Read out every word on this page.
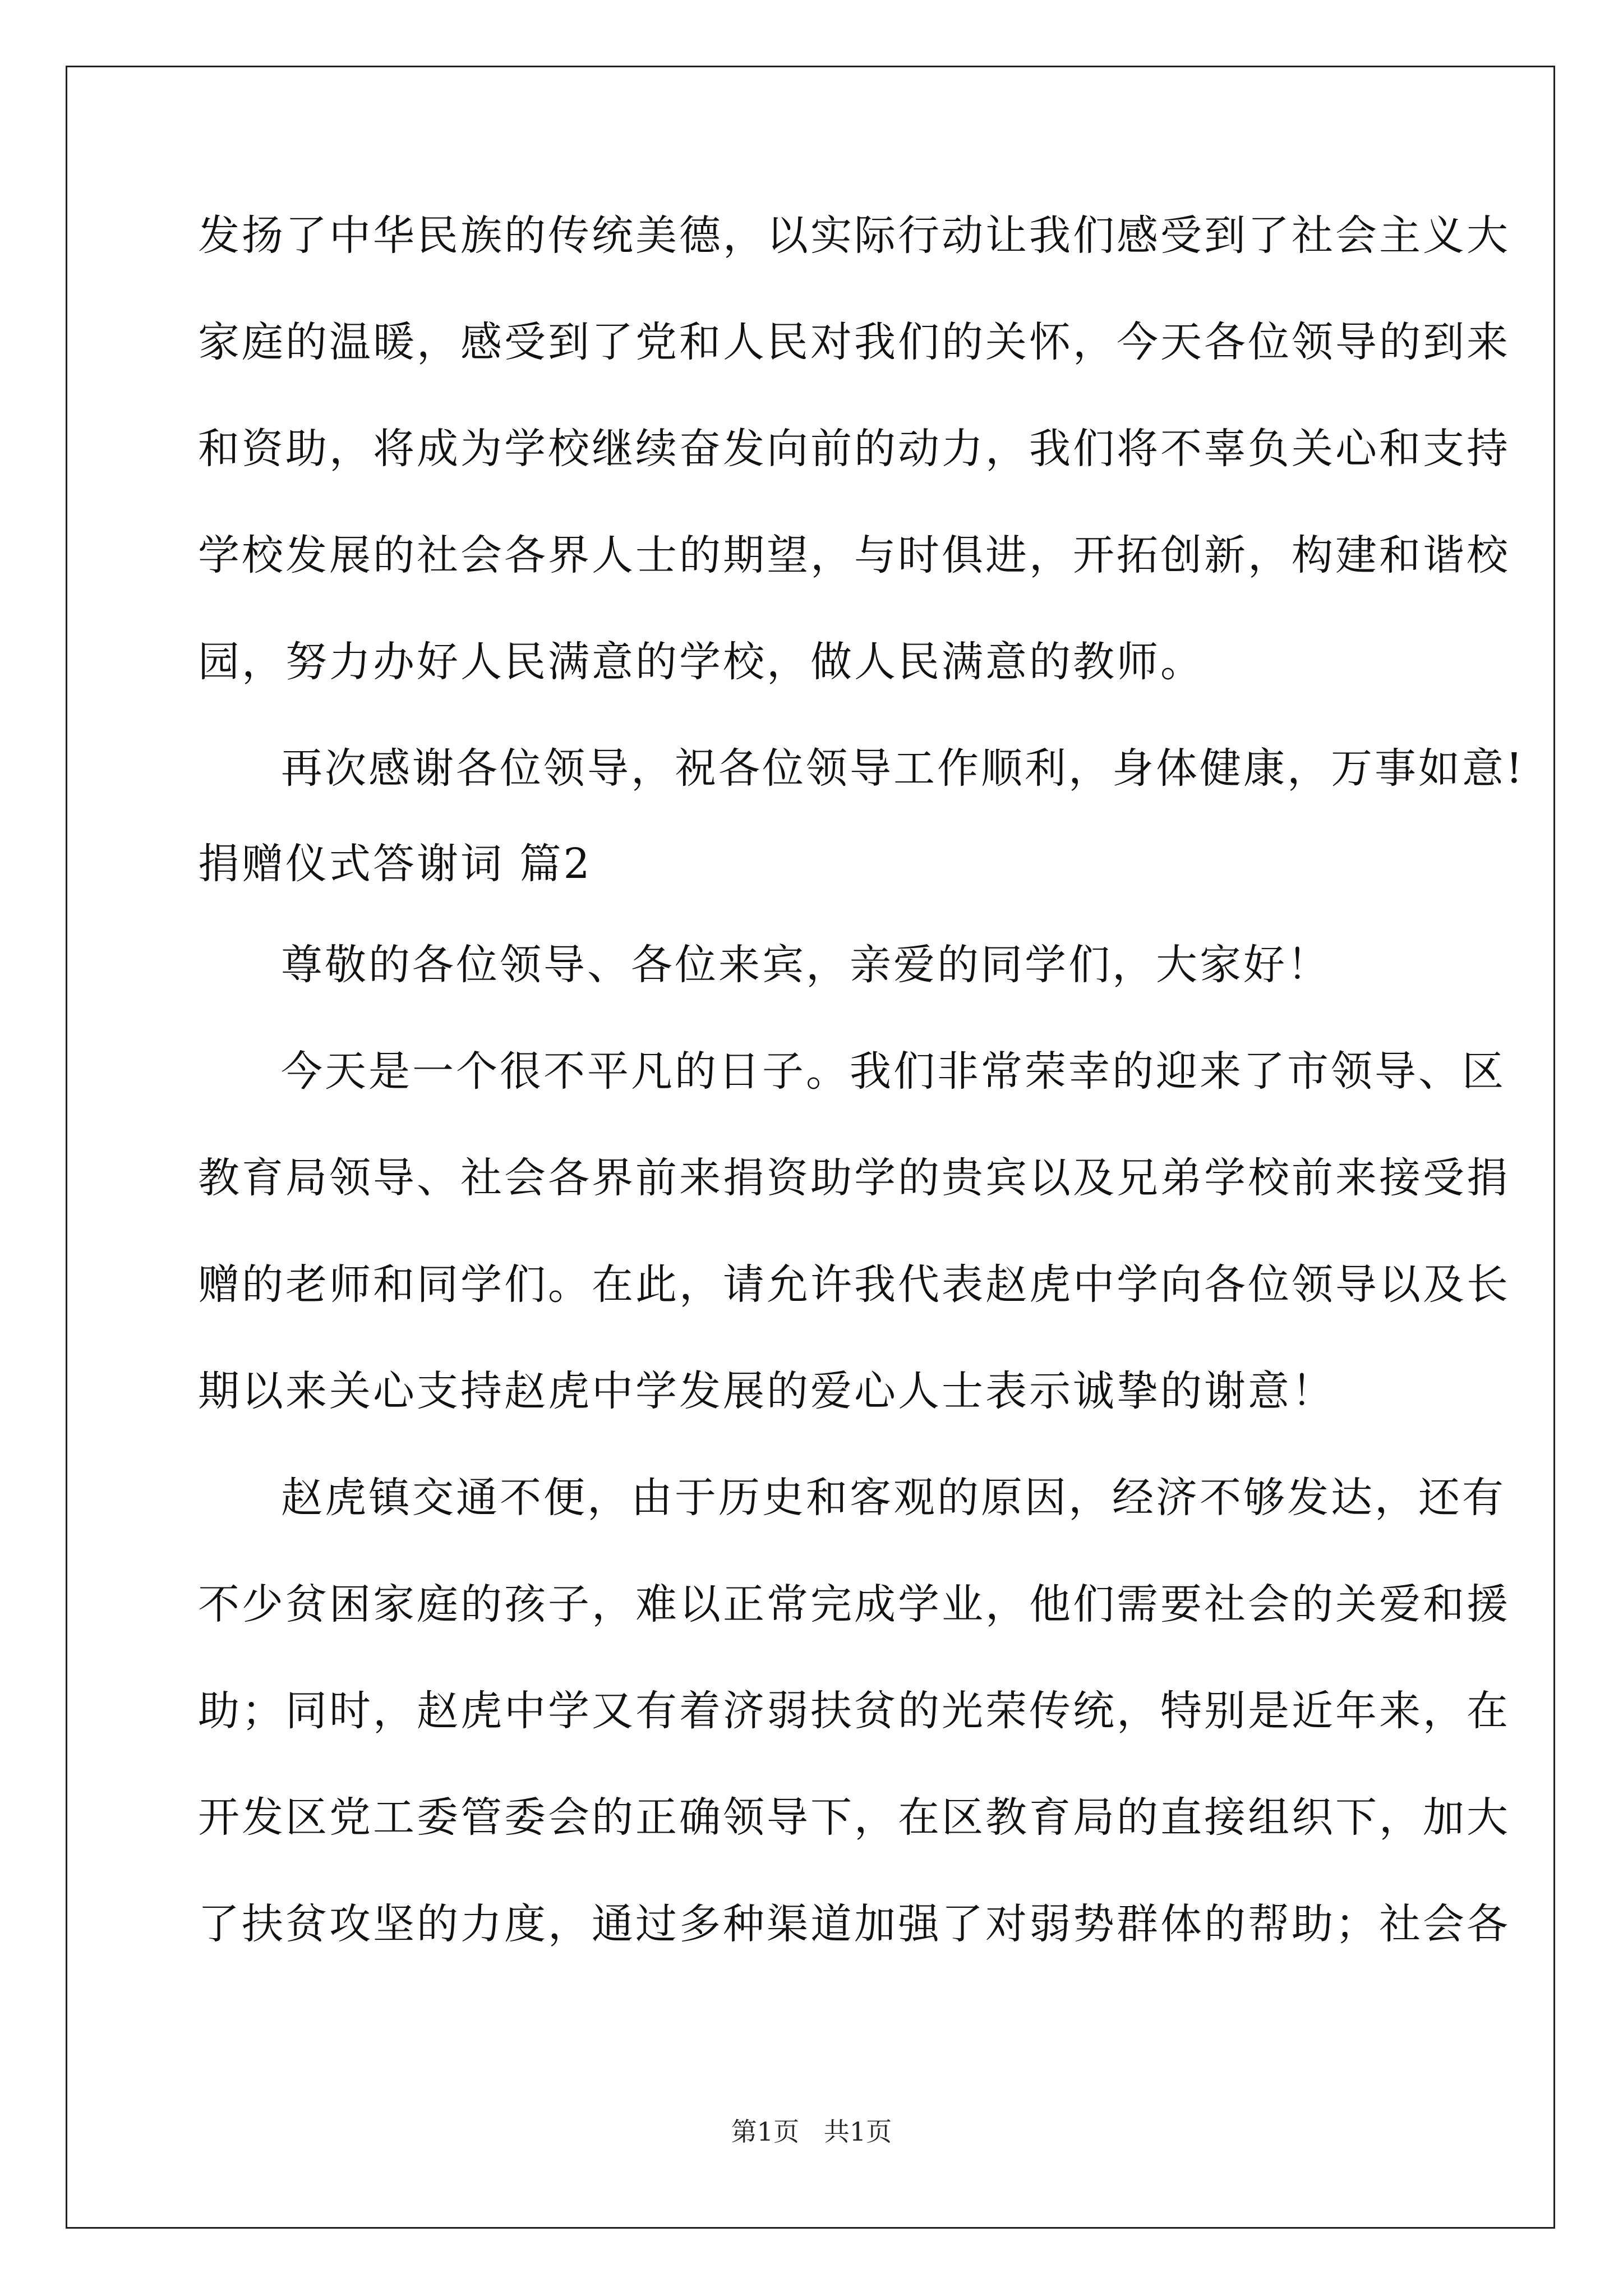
发扬了中华民族的传统美德，以实际行动让我们感受到了社会主义大
家庭的温暖，感受到了党和人民对我们的关怀，今天各位领导的到来
和资助，将成为学校继续奋发向前的动力，我们将不辜负关心和支持
学校发展的社会各界人士的期望，与时俱进，开拓创新，构建和谐校
园，努力办好人民满意的学校，做人民满意的教师。
再次感谢各位领导，祝各位领导工作顺利，身体健康，万事如意!
捐赠仪式答谢词 篇2
尊敬的各位领导、各位来宾，亲爱的同学们，大家好！
今天是一个很不平凡的日子。我们非常荣幸的迎来了市领导、区
教育局领导、社会各界前来捐资助学的贵宾以及兄弟学校前来接受捐
赠的老师和同学们。在此，请允许我代表赵虎中学向各位领导以及长
期以来关心支持赵虎中学发展的爱心人士表示诚挚的谢意！
赵虎镇交通不便，由于历史和客观的原因，经济不够发达，还有
不少贫困家庭的孩子，难以正常完成学业，他们需要社会的关爱和援
助；同时，赵虎中学又有着济弱扶贫的光荣传统，特别是近年来，在
开发区党工委管委会的正确领导下，在区教育局的直接组织下，加大
了扶贫攻坚的力度，通过多种渠道加强了对弱势群体的帮助；社会各
第1页   共1页
